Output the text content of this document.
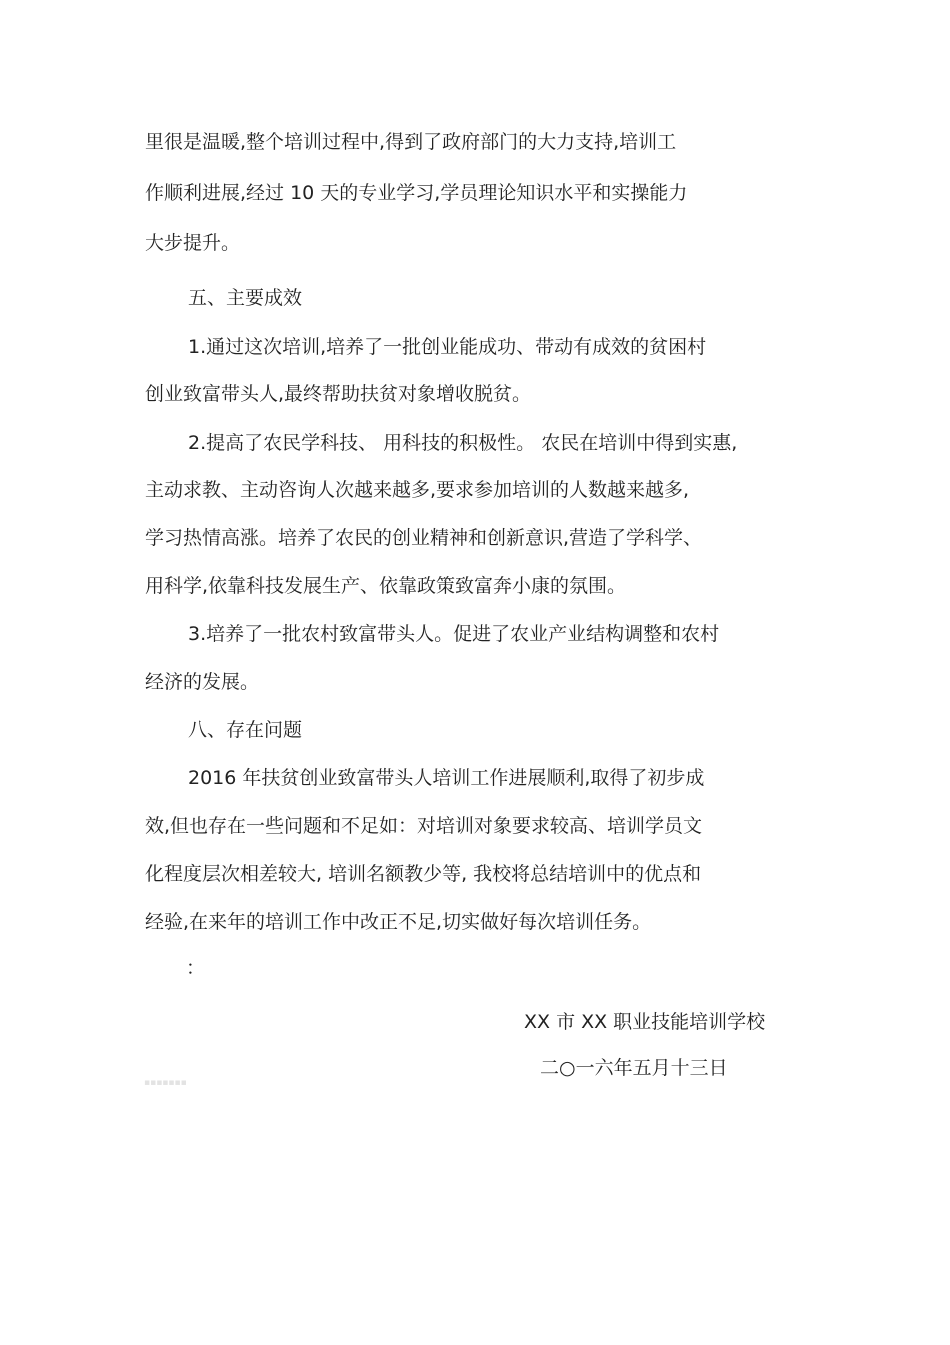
里很是温暖,整个培训过程中,得到了政府部门的大力支持,培训工

作顺利进展,经过 10 天的专业学习,学员理论知识水平和实操能力

大步提升。

五、主要成效

1.通过这次培训,培养了一批创业能成功、带动有成效的贫困村

创业致富带头人,最终帮助扶贫对象增收脱贫。

2.提高了农民学科技、 用科技的积极性。 农民在培训中得到实惠,

主动求教、主动咨询人次越来越多,要求参加培训的人数越来越多,

学习热情高涨。培养了农民的创业精神和创新意识,营造了学科学、

用科学,依靠科技发展生产、依靠政策致富奔小康的氛围。

3.培养了一批农村致富带头人。促进了农业产业结构调整和农村

经济的发展。

八、存在问题

2016 年扶贫创业致富带头人培训工作进展顺利,取得了初步成

效,但也存在一些问题和不足如：对培训对象要求较高、培训学员文

化程度层次相差较大, 培训名额教少等, 我校将总结培训中的优点和

经验,在来年的培训工作中改正不足,切实做好每次培训任务。

：

XX 市 XX 职业技能培训学校

二○一六年五月十三日

▪▪▪▪▪▪▪
